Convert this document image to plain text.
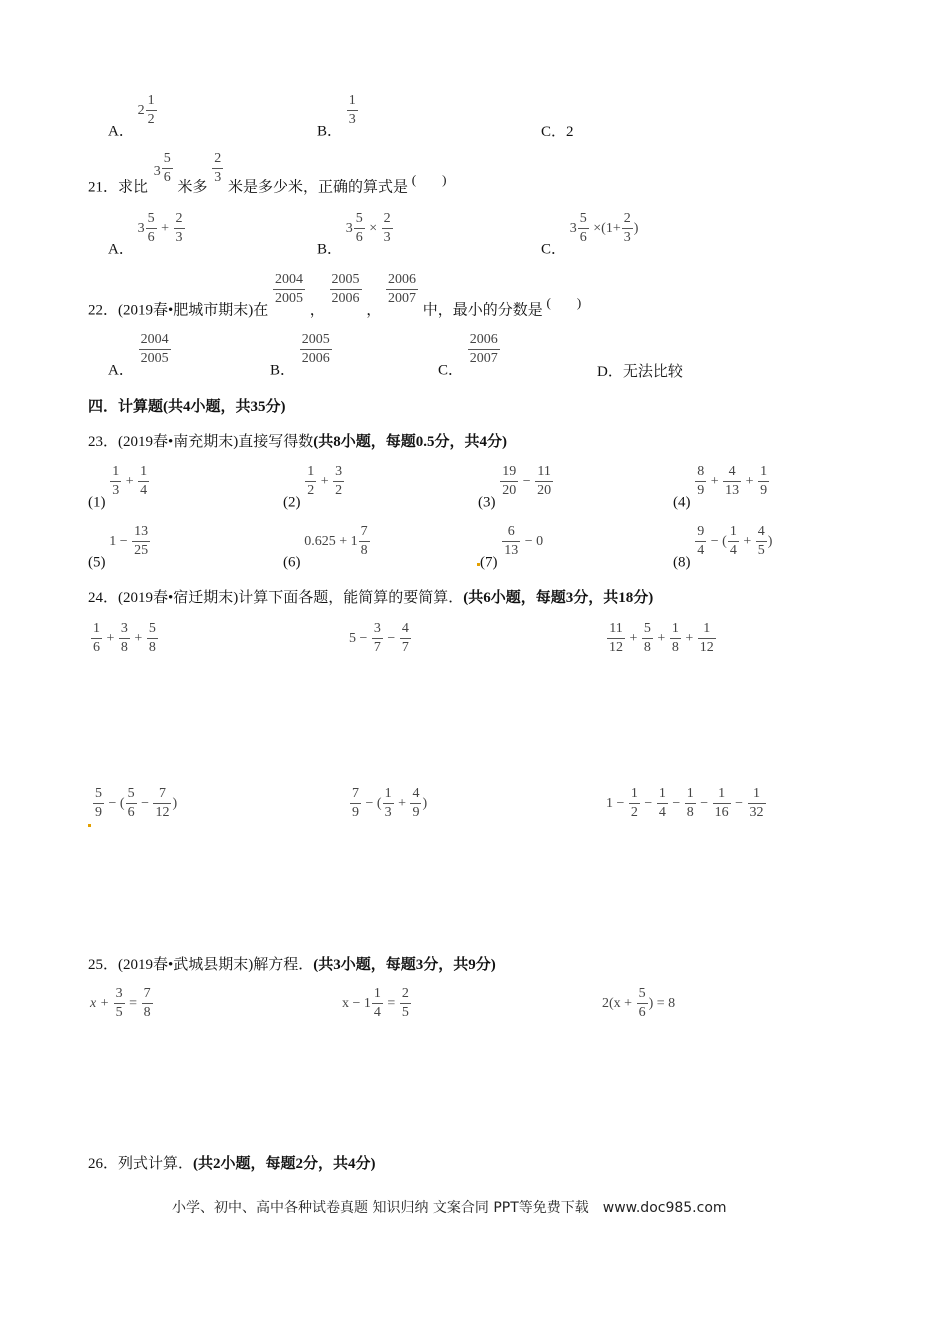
A． $2 \frac{1}{2}$
B．
$\frac{1}{3}$
C．2
21．求比 $3 \frac{5}{6}$
米多
$\frac{2}{3}$
米是多少米，正确的算式是 (　　)
A． $3 \frac{5}{6} + \frac{2}{3}$
B． $3 \frac{5}{6} \times \frac{2}{3}$
C． $3 \frac{5}{6} \times(1+ \frac{2}{3}$ )
22．(2019春•肥城市期末)在
$\frac{2004}{2005}$
，
$\frac{2005}{2006}$
，
$\frac{2006}{2007}$
中，最小的分数是 (　　)
A．
$\frac{2004}{2005}$
B．
$\frac{2005}{2006}$
C．
$\frac{2006}{2007}$
D．无法比较
四．计算题(共4小题，共35分)
23．(2019春•南充期末)直接写得数(共8小题，每题0.5分，共4分)
(1)
$\frac{1}{3} + \frac{1}{4}$
(2)
$\frac{1}{2} + \frac{3}{2}$
(3)
$\frac{19}{20} - \frac{11}{20}$
(4)
$\frac{8}{9} + \frac{4}{13} + \frac{1}{9}$
(5) $1 - \frac{13}{25}$
(6) $0.625 + 1 \frac{7}{8}$
(7)
$\frac{6}{13} - 0$
(8)
$\frac{9}{4}$ − ( $\frac{1}{4} + \frac{4}{5}$ )
24．(2019春•宿迁期末)计算下面各题，能简算的要简算．(共6小题，每题3分，共18分)
$\frac{1}{6} + \frac{3}{8} + \frac{5}{8}$	$5 - \frac{3}{7} - \frac{4}{7}$	$\frac{11}{12} + \frac{5}{8} + \frac{1}{8} + \frac{1}{12}$
$\frac{5}{9}$ − ( $\frac{5}{6} - \frac{7}{12}$ )	$\frac{7}{9}$ − ( $\frac{1}{3} + \frac{4}{9}$ )	$1 - \frac{1}{2} - \frac{1}{4} - \frac{1}{8} - \frac{1}{16} - \frac{1}{32}$
25．(2019春•武城县期末)解方程．(共3小题，每题3分，共9分)
$x + \frac{3}{5} = \frac{7}{8}$	$x - 1 \frac{1}{4} = \frac{2}{5}$	$2(x + \frac{5}{6}$ ) = 8
26．列式计算．(共2小题，每题2分，共4分)
小学、初中、高中各种试卷真题 知识归纳 文案合同 PPT等免费下载　www.doc985.com
